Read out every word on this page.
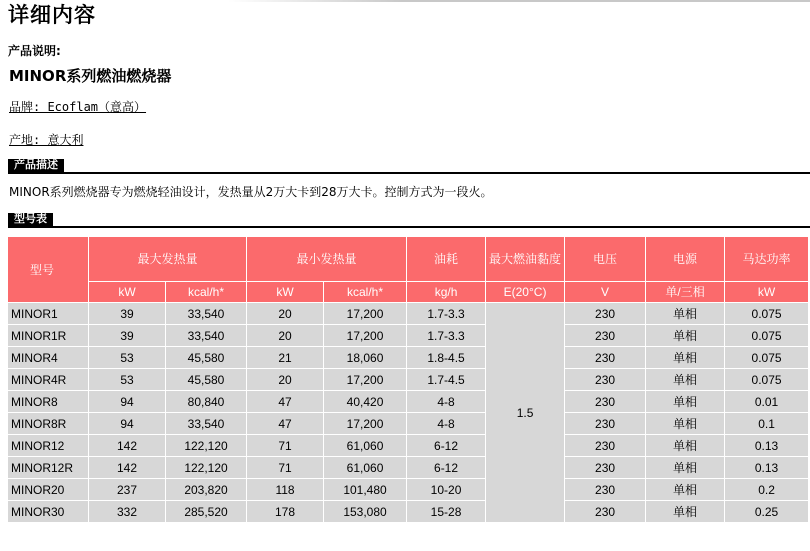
详细内容
产品说明:
MINOR系列燃油燃烧器
品牌: Ecoflam（意高）
产地: 意大利
产品描述
MINOR系列燃烧器专为燃烧轻油设计，发热量从2万大卡到28万大卡。控制方式为一段火。
型号表
型号	最大发热量		最小发热量		油耗	最大燃油黏度	电压	电源	马达功率
	kW	kcal/h*	kW	kcal/h*	kg/h	E(20°C)	V	单/三相	kW
MINOR1	39	33,540	20	17,200	1.7-3.3	1.5	230	单相	0.075
MINOR1R	39	33,540	20	17,200	1.7-3.3		230	单相	0.075
MINOR4	53	45,580	21	18,060	1.8-4.5		230	单相	0.075
MINOR4R	53	45,580	20	17,200	1.7-4.5		230	单相	0.075
MINOR8	94	80,840	47	40,420	4-8		230	单相	0.01
MINOR8R	94	33,540	47	17,200	4-8		230	单相	0.1
MINOR12	142	122,120	71	61,060	6-12		230	单相	0.13
MINOR12R	142	122,120	71	61,060	6-12		230	单相	0.13
MINOR20	237	203,820	118	101,480	10-20		230	单相	0.2
MINOR30	332	285,520	178	153,080	15-28		230	单相	0.25
